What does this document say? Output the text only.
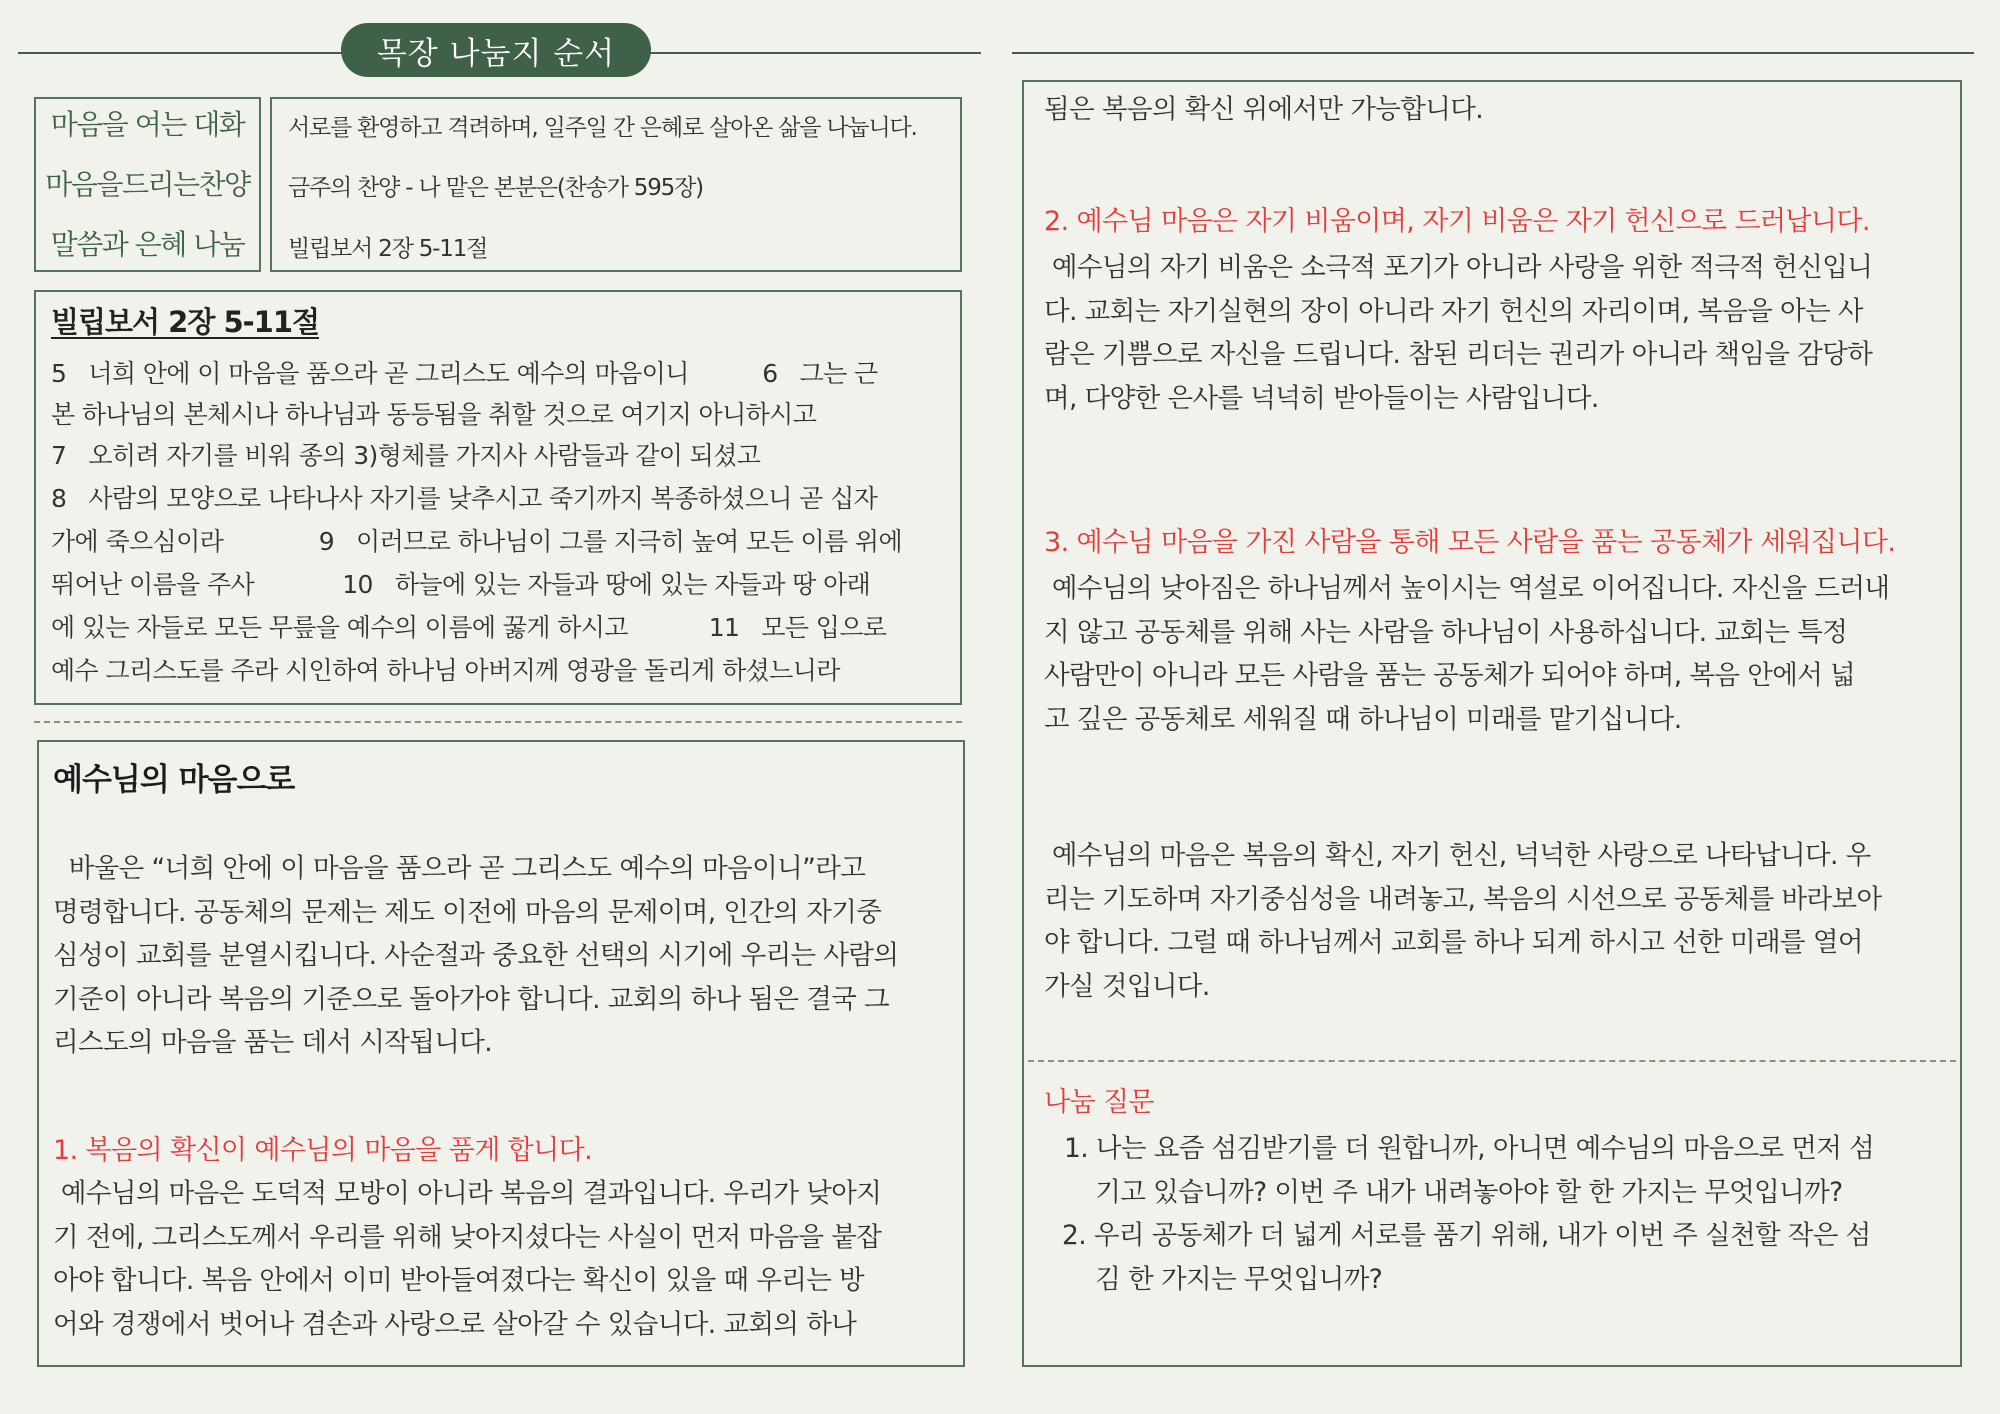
목장 나눔지 순서
마음을 여는 대화
마음을드리는찬양
말씀과 은혜 나눔
서로를 환영하고 격려하며, 일주일 간 은혜로 살아온 삶을 나눕니다.
금주의 찬양 - 나 맡은 본분은(찬송가 595장)
빌립보서 2장 5-11절
빌립보서 2장 5-11절
5   너희 안에 이 마음을 품으라 곧 그리스도 예수의 마음이니          6   그는 근
본 하나님의 본체시나 하나님과 동등됨을 취할 것으로 여기지 아니하시고
7   오히려 자기를 비워 종의 3)형체를 가지사 사람들과 같이 되셨고
8   사람의 모양으로 나타나사 자기를 낮추시고 죽기까지 복종하셨으니 곧 십자
가에 죽으심이라             9   이러므로 하나님이 그를 지극히 높여 모든 이름 위에
뛰어난 이름을 주사            10   하늘에 있는 자들과 땅에 있는 자들과 땅 아래
에 있는 자들로 모든 무릎을 예수의 이름에 꿇게 하시고           11   모든 입으로
예수 그리스도를 주라 시인하여 하나님 아버지께 영광을 돌리게 하셨느니라
예수님의 마음으로
바울은 “너희 안에 이 마음을 품으라 곧 그리스도 예수의 마음이니”라고
명령합니다. 공동체의 문제는 제도 이전에 마음의 문제이며, 인간의 자기중
심성이 교회를 분열시킵니다. 사순절과 중요한 선택의 시기에 우리는 사람의
기준이 아니라 복음의 기준으로 돌아가야 합니다. 교회의 하나 됨은 결국 그
리스도의 마음을 품는 데서 시작됩니다.
1. 복음의 확신이 예수님의 마음을 품게 합니다.
예수님의 마음은 도덕적 모방이 아니라 복음의 결과입니다. 우리가 낮아지
기 전에, 그리스도께서 우리를 위해 낮아지셨다는 사실이 먼저 마음을 붙잡
아야 합니다. 복음 안에서 이미 받아들여졌다는 확신이 있을 때 우리는 방
어와 경쟁에서 벗어나 겸손과 사랑으로 살아갈 수 있습니다. 교회의 하나
됨은 복음의 확신 위에서만 가능합니다.
2. 예수님 마음은 자기 비움이며, 자기 비움은 자기 헌신으로 드러납니다.
예수님의 자기 비움은 소극적 포기가 아니라 사랑을 위한 적극적 헌신입니
다. 교회는 자기실현의 장이 아니라 자기 헌신의 자리이며, 복음을 아는 사
람은 기쁨으로 자신을 드립니다. 참된 리더는 권리가 아니라 책임을 감당하
며, 다양한 은사를 넉넉히 받아들이는 사람입니다.
3. 예수님 마음을 가진 사람을 통해 모든 사람을 품는 공동체가 세워집니다.
예수님의 낮아짐은 하나님께서 높이시는 역설로 이어집니다. 자신을 드러내
지 않고 공동체를 위해 사는 사람을 하나님이 사용하십니다. 교회는 특정
사람만이 아니라 모든 사람을 품는 공동체가 되어야 하며, 복음 안에서 넓
고 깊은 공동체로 세워질 때 하나님이 미래를 맡기십니다.
예수님의 마음은 복음의 확신, 자기 헌신, 넉넉한 사랑으로 나타납니다. 우
리는 기도하며 자기중심성을 내려놓고, 복음의 시선으로 공동체를 바라보아
야 합니다. 그럴 때 하나님께서 교회를 하나 되게 하시고 선한 미래를 열어
가실 것입니다.
나눔 질문
1. 나는 요즘 섬김받기를 더 원합니까, 아니면 예수님의 마음으로 먼저 섬
기고 있습니까? 이번 주 내가 내려놓아야 할 한 가지는 무엇입니까?
2. 우리 공동체가 더 넓게 서로를 품기 위해, 내가 이번 주 실천할 작은 섬
김 한 가지는 무엇입니까?
